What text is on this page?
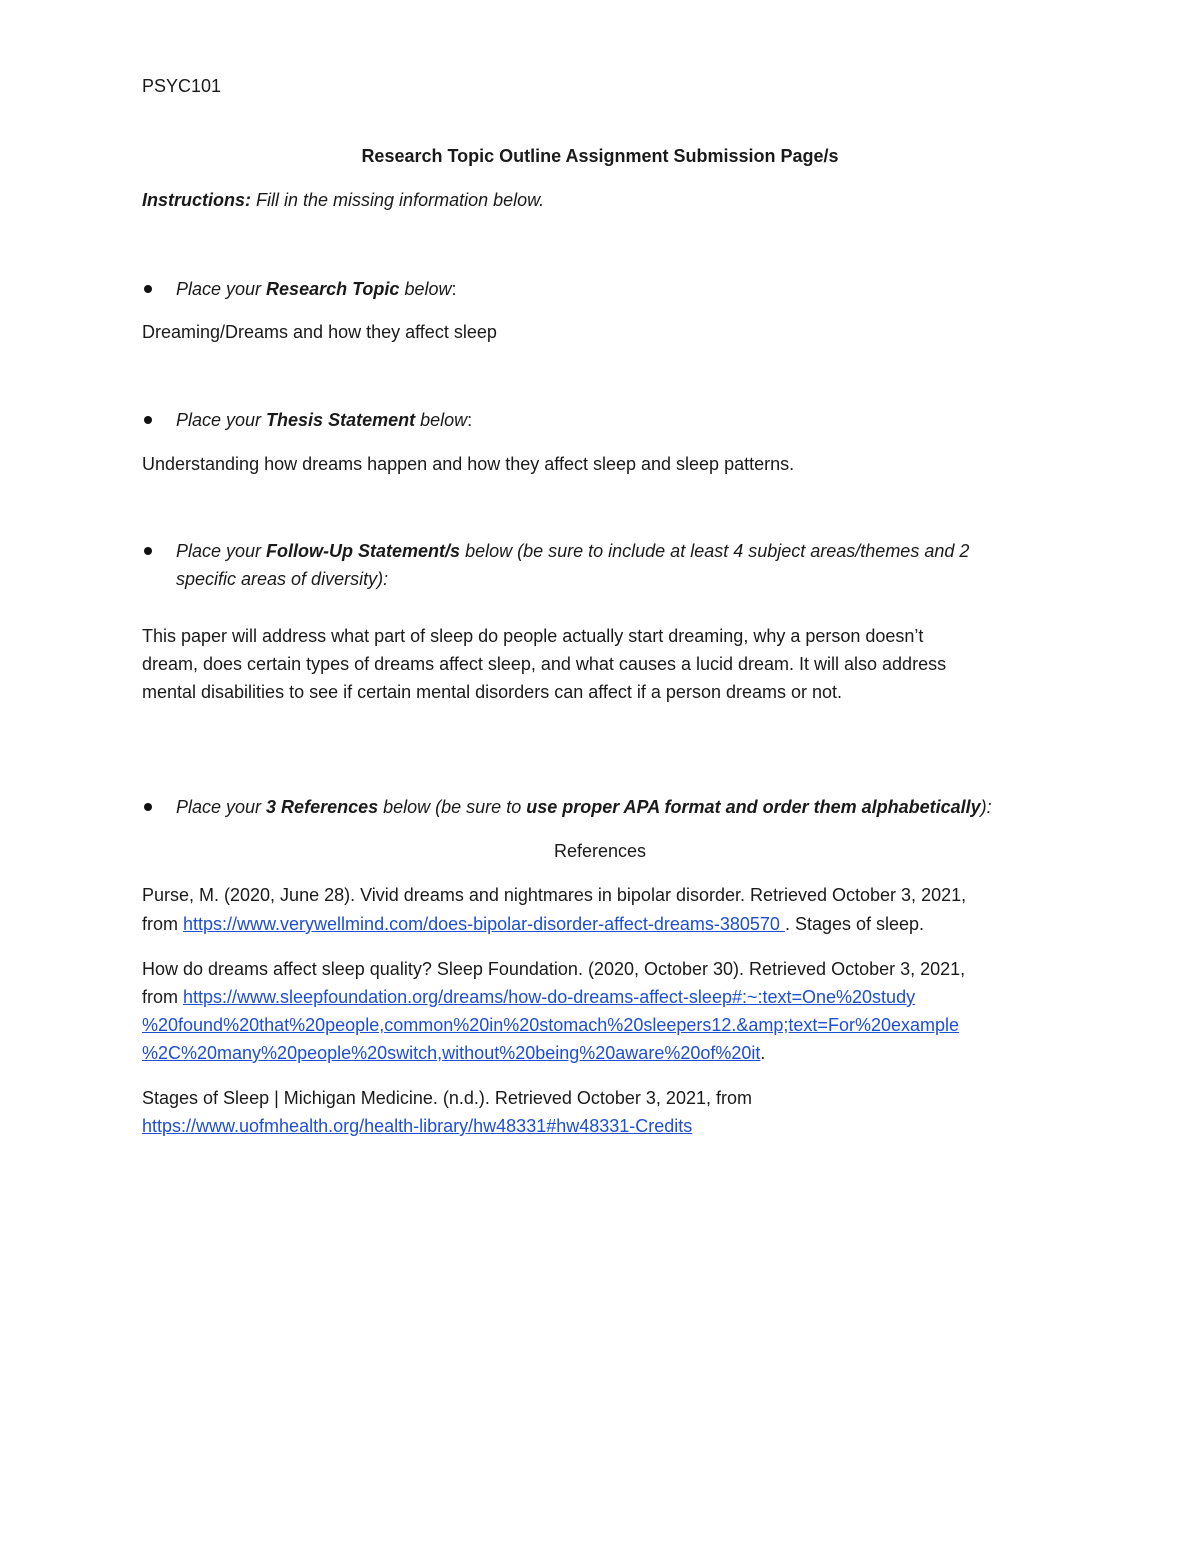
PSYC101
Research Topic Outline Assignment Submission Page/s
Instructions: Fill in the missing information below.
Place your Research Topic below:
Dreaming/Dreams and how they affect sleep
Place your Thesis Statement below:
Understanding how dreams happen and how they affect sleep and sleep patterns.
Place your Follow-Up Statement/s below (be sure to include at least 4 subject areas/themes and 2
specific areas of diversity):
This paper will address what part of sleep do people actually start dreaming, why a person doesn’t
dream, does certain types of dreams affect sleep, and what causes a lucid dream. It will also address
mental disabilities to see if certain mental disorders can affect if a person dreams or not.
Place your 3 References below (be sure to use proper APA format and order them alphabetically):
References
Purse, M. (2020, June 28). Vivid dreams and nightmares in bipolar disorder. Retrieved October 3, 2021,
from https://www.verywellmind.com/does-bipolar-disorder-affect-dreams-380570 . Stages of sleep.
How do dreams affect sleep quality? Sleep Foundation. (2020, October 30). Retrieved October 3, 2021,
from https://www.sleepfoundation.org/dreams/how-do-dreams-affect-sleep#:~:text=One%20study
%20found%20that%20people,common%20in%20stomach%20sleepers12.&amp;text=For%20example
%2C%20many%20people%20switch,without%20being%20aware%20of%20it.
Stages of Sleep | Michigan Medicine. (n.d.). Retrieved October 3, 2021, from
https://www.uofmhealth.org/health-library/hw48331#hw48331-Credits
